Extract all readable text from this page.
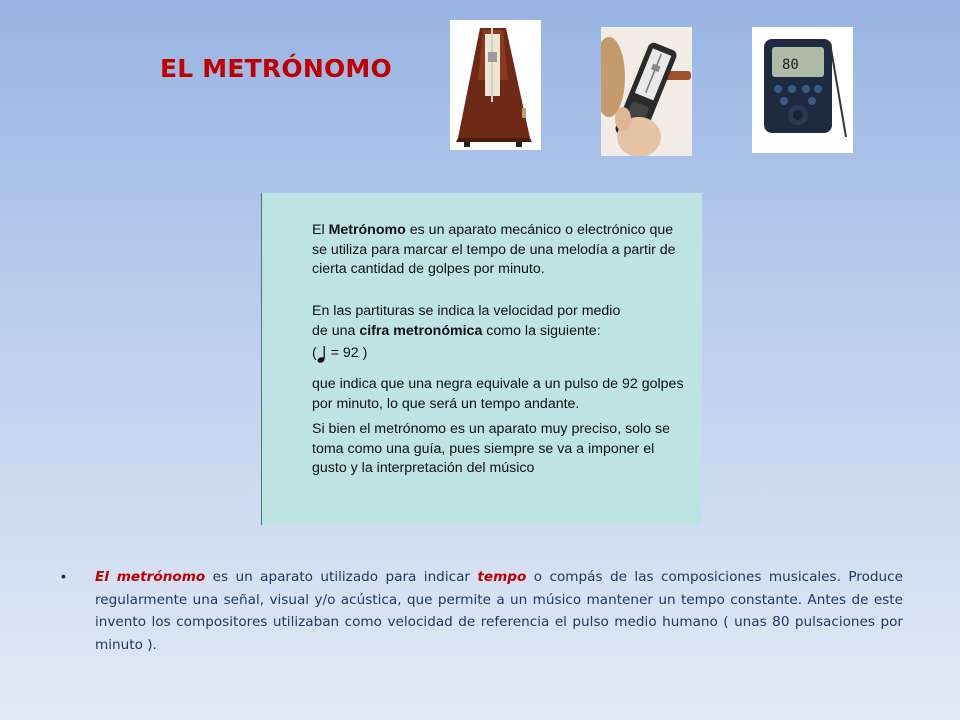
EL METRÓNOMO	80

El Metrónomo es un aparato mecánico o electrónico que se utiliza para marcar el tempo de una melodía a partir de cierta cantidad de golpes por minuto.

En las partituras se indica la velocidad por medio
de una cifra metronómica como la siguiente:

( = 92 )

que indica que una negra equivale a un pulso de 92 golpes por minuto, lo que será un tempo andante.

Si bien el metrónomo es un aparato muy preciso, solo se toma como una guía, pues siempre se va a imponer el gusto y la interpretación del músico

• El metrónomo es un aparato utilizado para indicar tempo o compás de las composiciones musicales. Produce regularmente una señal, visual y/o acústica, que permite a un músico mantener un tempo constante. Antes de este invento los compositores utilizaban como velocidad de referencia el pulso medio humano ( unas 80 pulsaciones por minuto ).
